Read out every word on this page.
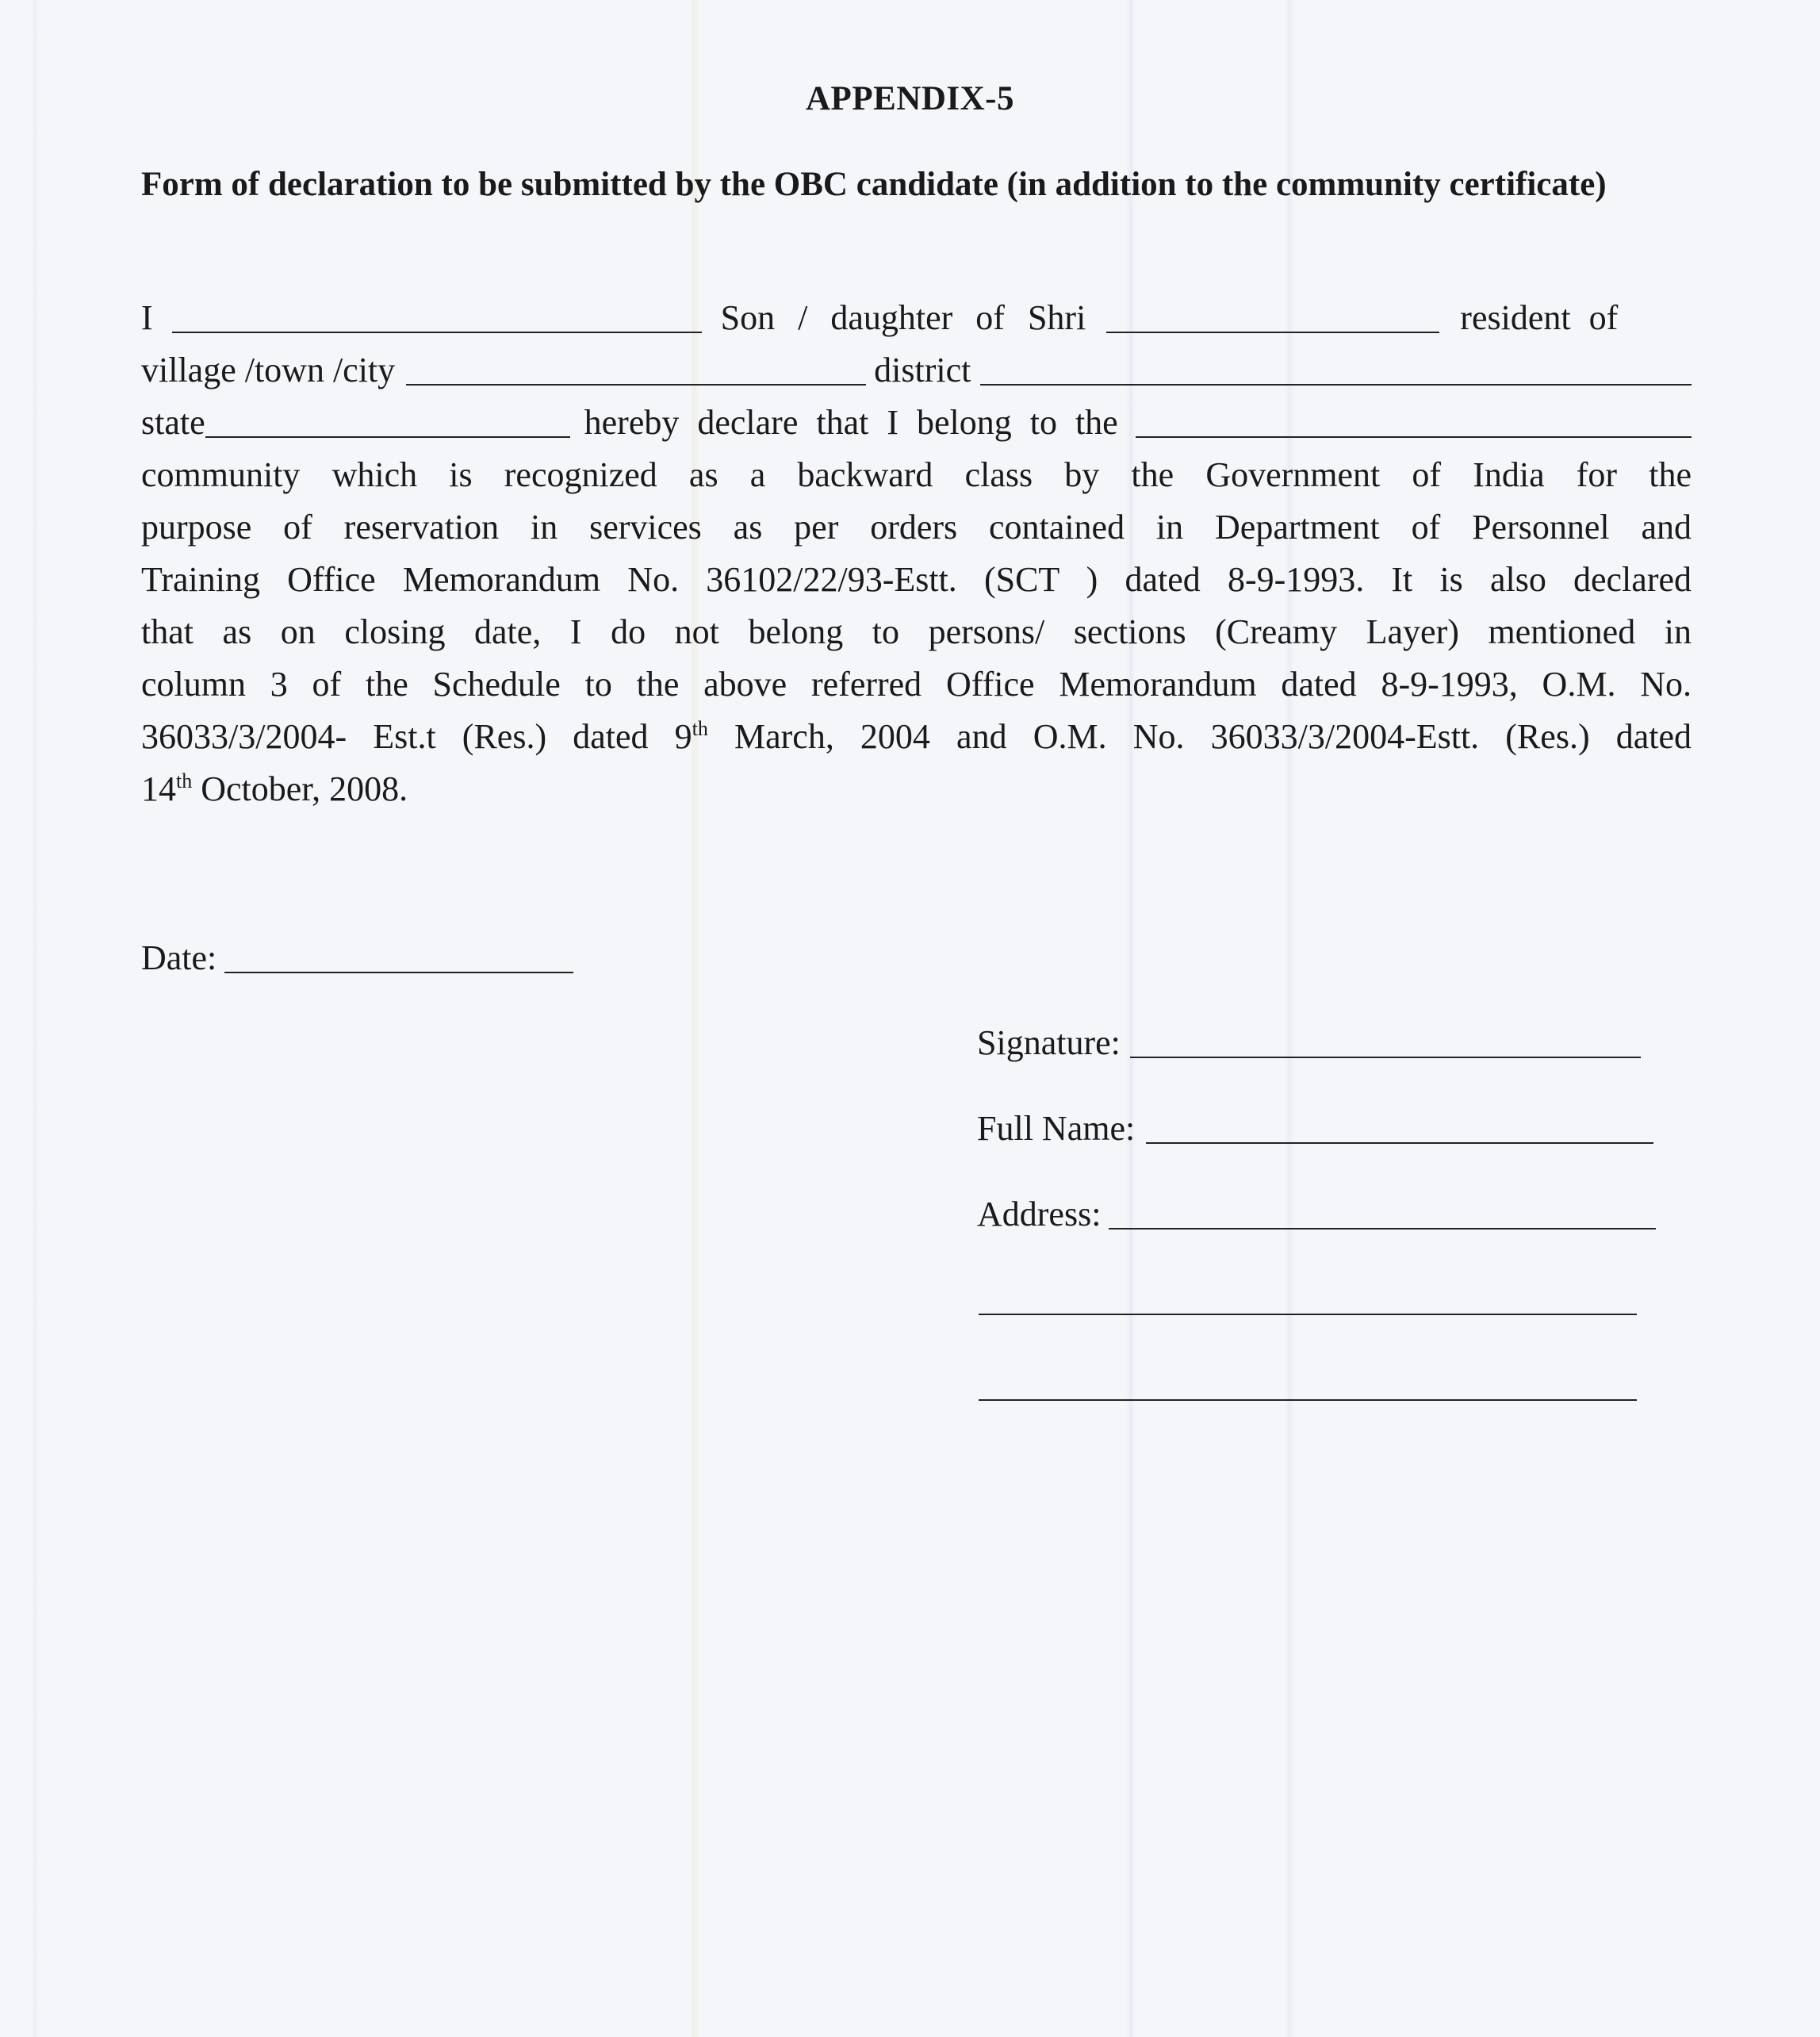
APPENDIX-5
Form of declaration to be submitted by the OBC candidate (in addition to the community certificate)
I	Son / daughter of Shri	resident of
village /town /city	district
state	hereby declare that I belong to the
community which is recognized as a backward class by the Government of India for the
purpose of reservation in services as per orders contained in Department of Personnel and
Training Office Memorandum No. 36102/22/93-Estt. (SCT ) dated 8-9-1993. It is also declared
that as on closing date, I do not belong to persons/ sections (Creamy Layer) mentioned in
column 3 of the Schedule to the above referred Office Memorandum dated 8-9-1993, O.M. No.
36033/3/2004- Est.t (Res.) dated 9th March, 2004 and O.M. No. 36033/3/2004-Estt. (Res.) dated
14th October, 2008.
Date:
Signature:
Full Name:
Address:
